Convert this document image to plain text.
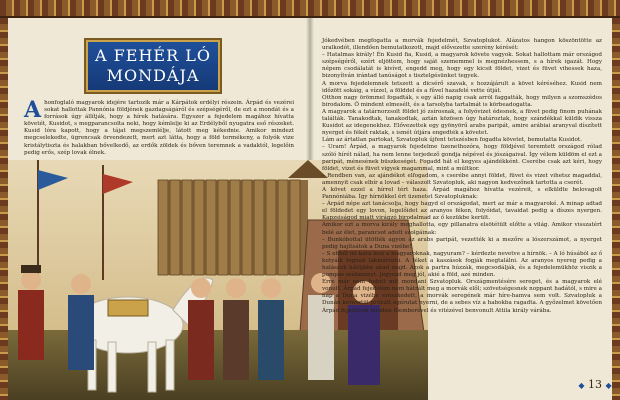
A FEHÉR LÓ
MONDÁJA

A honfoglaló magyarok idejére tartozik már a Kárpátok erdélyi részein. Árpád és vezérei sokat hallottak Pannónia földjének gazdagságáról és szépségéről, de ezt a mondát és a források úgy állítják, hogy a hírek hatására. Egyszer a fejedelem magához hívatta követét, Kusidot, s megparancsolta neki, hogy kémlelje ki az Erdélyből nyugatra eső részeket. Kusid lóra kapott, hogy a tájat megszemlélje, látott meg kékednie. Amikor mindezt megcselekedte, ügrencsak örvendezett, mert azt látta, hogy a föld termékeny, a folyók vize kristálytiszta és halakban bővelkedő, az erdők zöldek és bőven teremnek a vadaktól, legelőin pedig erős, szép lovak élnek.

Jókedvében megfogatta a morvák fejedelmét, Szvatoplukot. Alázatos hangon köszöntötte az uralkodót, illendően bemutatkozott, majd elővezette szerény kérését:

– Hatalmas király! Én Kusid fia, Kusid, a magyarok követe vagyok. Sokat hallottam már országod szépségéről, ezért eljöttem, hogy saját szememmel is megnézhessem, s a hírek igazát. Hogy népem csodálatát is kivívd, engedd meg, hogy egy kicsit földet, vizet és füvet vihessek haza, bizonyítván irántad tanúságot s tisztelgésünket tegyek.

A morva fejedelemnek tetszett a dicsérő szavak, s hozzájárult a követ kéréséhez. Kusid nem időzött sokáig, a vízzel, a földdel és a fűvel hazafelé vette útját.

Otthon nagy örömmel fogadták, s egy álló napig csak arról faggatták, hogy milyen a szomszédos birodalom. Ő mindent elmesélt, és a tarsolyba tartalmát is körbeadogatta.

A magyarok a tatárnorzsolt földet jó zsírosnak, a folyóvizet édesnek, a füvet pedig finom puhának találták. Tanakodtak, tanakodtak, aztán közösen úgy határoztak, hogy szándékkal küldik vissza Kusidot az idegenekhez. Elővezettek egy gyönyörű arabs paripát, amire arábiai aranyval díszített nyerget és fékét raktak, s ismét útjára engedték a követet.

Lám az ártatlan partokat, Szvatopluk újfent tetszésben fogadta követet, bemutatta Kusidot.

– Uram! Árpád, a magyarok fejedelme üzenethozóra, hogy földjével teremtett országod rólad szóló hírét nálad, ha nem lenne terjedező gondja népével és jószágaival. Így vélem küldöm el ezt a paripát, ménesének büszkeségét. Fogadd hát el kegyes ajándékként. Cserébe csak azt kéri, hogy földet, vizet és füvet vigyek magammal, mint a múltkor.

– Rendben van, az ajándékot elfogadom, s cserébe annyi földet, füvet és vizet vihetsz magaddal, amennyit csak elbír a lovad – válaszolt Szvatopluk, aki nagyon kedvezőnek tartotta a cserét.

A követ ezzel a hírrel tért haza. Árpád magához hívatta vezéreit, s elküldte belovagolt Pannóniába. Így hírnökkel ért üzenetet Szvatopluknak:

– Árpád népe azt tanácsolja, hogy hagyd el országodat, mert az már a magyaroké. A minap adtad el földedet egy lovon, legelőidet az aranyos féken, folyóidat, tavaidat pedig a díszes nyergen. Kapzsiságod miatt virágzó birodalmad az ő kezükbe került.

Amikor ezt a morva király meghallotta, egy pillanatra elsötétült előtte a világ. Amikor visszatért belé az élet, parancsot adott szolgáinak:

– Bunkóbottal ütötték agyon az arabs paripát, vezették ki a mezőre a lószerszámot, a nyerget pedig hajítsátok a Duna vizébe!

– S ebből mi kára lesz a magyaroknak, nagyuram? – kérdezte nevetve a hírnök. – A ló húsából az ő kutyáik fognak lakmározni. A féket a kaszások fogják megtalálni. Az aranyos nyereg pedig a halászok hálójába akad majd. Azok a partra húzzák, megcsodálják, és a fejedelemükhöz viszik a pompás zsákmányt. Jegyezd meg jól, akié a föld, azé minden.

Erre már nem tudott mit mondani Szvatopluk. Országmentésére sereget, és a magyarok elé vonult. Árpád fejedelem nem hátrált meg a morvák elől; szövetségesnek noppant hadától, s mire a nap a Duna vizébe ereszkedett, a morvák seregének már híre-hamva sem volt. Szvatopluk a Dunán keresztül próbált egérutat nyerni, de a sebes víz a habokba ragadta. A győzelmet követően Árpád fejedelem minden főemberével és vitézével benvonult Attila király várába.

◆ 13 ◆
